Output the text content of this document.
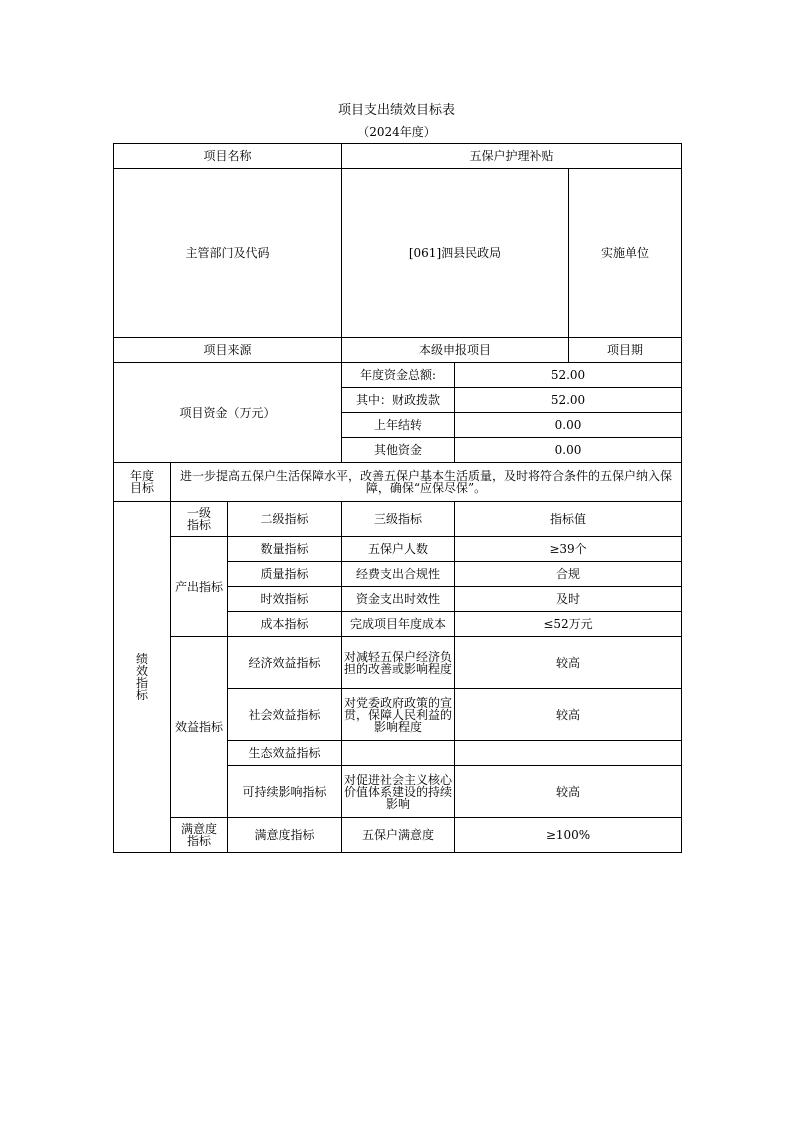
项目支出绩效目标表
（2024年度）
项目名称			五保户护理补贴			
主管部门及代码			[061]泗县民政局		实施单位	
项目来源			本级申报项目		项目期	
项目资金（万元）			年度资金总额:	52.00		
			其中：财政拨款	52.00		
			上年结转	0.00		
			其他资金	0.00		
年度目标	进一步提高五保户生活保障水平，改善五保户基本生活质量，及时将符合条件的五保户纳入保障，确保“应保尽保”。					
绩效指标	一级指标	二级指标	三级指标	指标值		
	产出指标	数量指标	五保户人数	≥39个		
		质量指标	经费支出合规性	合规		
		时效指标	资金支出时效性	及时		
		成本指标	完成项目年度成本	≤52万元		
	效益指标	经济效益指标	对减轻五保户经济负担的改善或影响程度	较高		
		社会效益指标	对党委政府政策的宣贯，保障人民利益的影响程度	较高		
		生态效益指标				
		可持续影响指标	对促进社会主义核心价值体系建设的持续影响	较高		
	满意度指标	满意度指标	五保户满意度	≥100%		
